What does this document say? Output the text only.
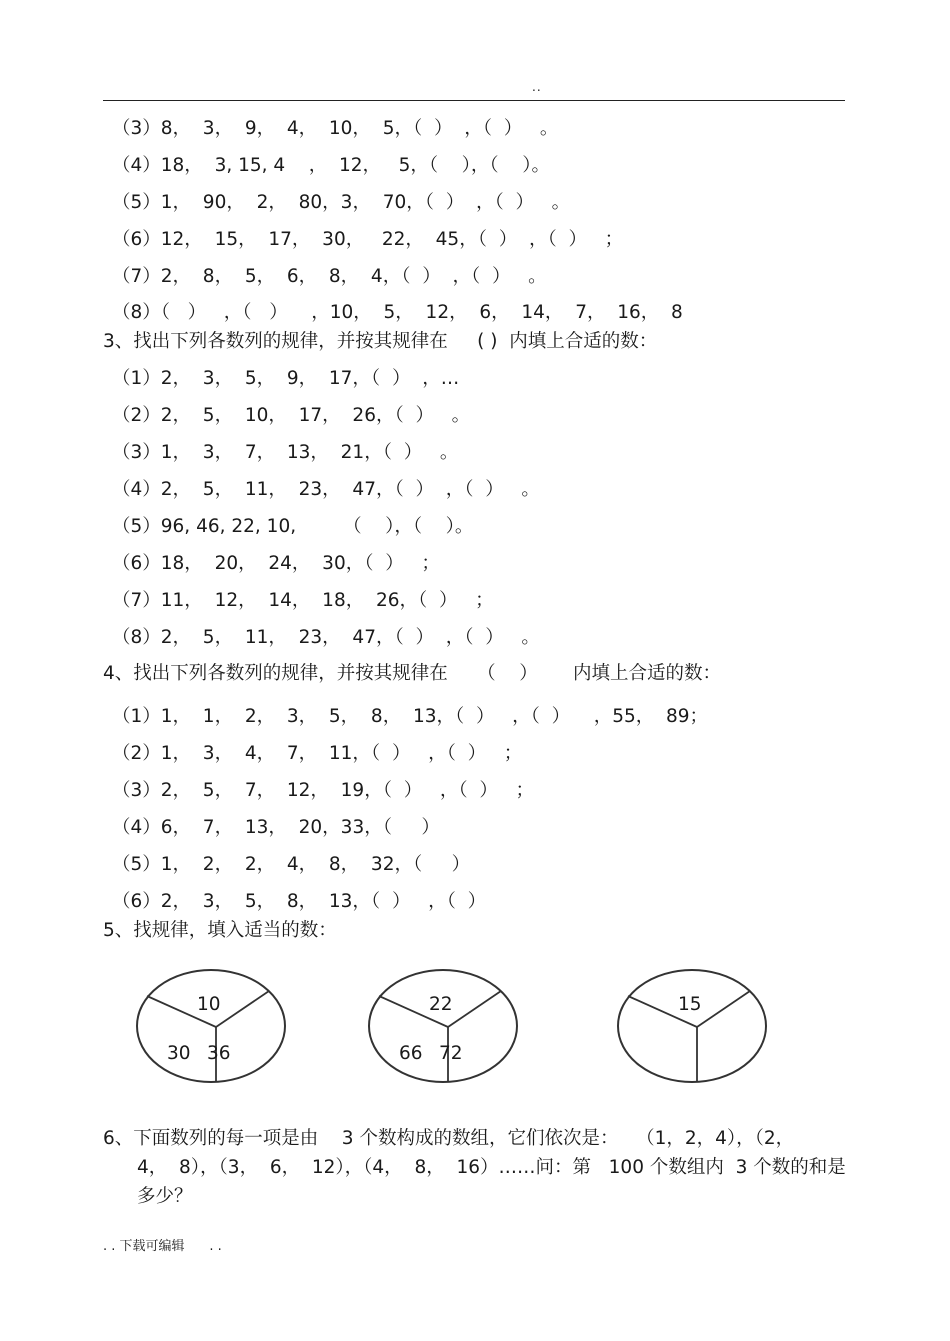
..
（3）8，  3，  9，  4，  10，  5，（  ）  ，（  ）   。
（4）18，  3, 15, 4    ，  12，   5，（    ），（    ）。
（5）1，  90，  2，  80，3，  70，（  ）  ，（  ）   。
（6）12，  15，  17，  30，   22，  45，（  ）  ，（  ）   ；
（7）2，  8，  5，  6，  8，  4，（  ）  ，（  ）   。
（8）（   ）   ，（   ）    ，10，  5，  12，  6，  14，  7，  16，  8
3、找出下列各数列的规律，并按其规律在     ( )  内填上合适的数：
（1）2，  3，  5，  9，  17，（  ）  ，…
（2）2，  5，  10，  17，  26，（  ）   。
（3）1，  3，  7，  13，  21，（  ）   。
（4）2，  5，  11，  23，  47，（  ）  ，（  ）   。
（5）96, 46, 22, 10,        （    ），（    ）。
（6）18，  20，  24，  30，（  ）   ；
（7）11，  12，  14，  18，  26，（  ）   ；
（8）2，  5，  11，  23，  47，（  ）  ，（  ）   。
4、找出下列各数列的规律，并按其规律在     （    ）      内填上合适的数：
（1）1，  1，  2，  3，  5，  8，  13，（  ）   ，（  ）    ，55，  89；
（2）1，  3，  4，  7，  11，（  ）   ，（  ）   ；
（3）2，  5，  7，  12，  19，（  ）   ，（  ）   ；
（4）6，  7，  13，  20，33，（     ）
（5）1，  2，  2，  4，  8，  32，（     ）
（6）2，  3，  5，  8，  13，（  ）   ，（  ）
5、找规律，填入适当的数：
10
30 36
22
66 72
15
6、下面数列的每一项是由    3 个数构成的数组，它们依次是：   （1，2，4），（2，
4，  8），（3，  6，  12），（4，  8，  16）……问：第   100 个数组内  3 个数的和是
多少？
. . 下载可编辑      . .
